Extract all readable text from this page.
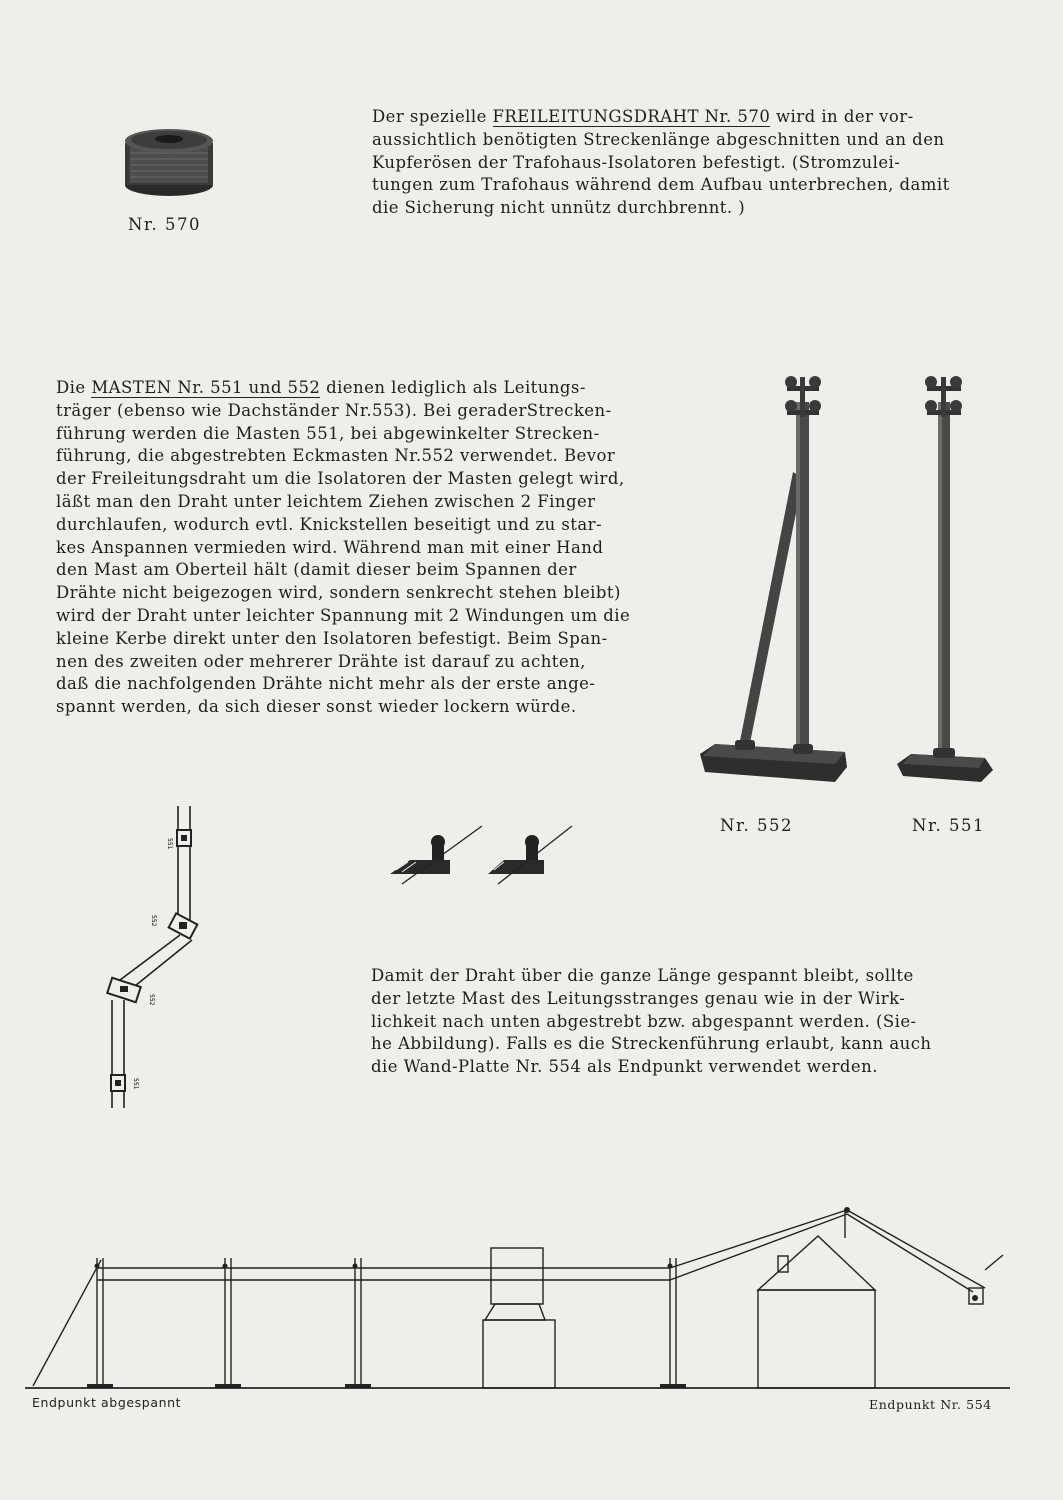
Nr. 570
Der spezielle FREILEITUNGSDRAHT Nr. 570 wird in der vor-
aussichtlich benötigten Streckenlänge abgeschnitten und an den
Kupferösen der Trafohaus-Isolatoren befestigt. (Stromzulei-
tungen zum Trafohaus während dem Aufbau unterbrechen, damit
die Sicherung nicht unnütz durchbrennt. )
Die MASTEN Nr. 551 und 552 dienen lediglich als Leitungs-
träger (ebenso wie Dachständer Nr.553). Bei geraderStrecken-
führung werden die Masten 551, bei abgewinkelter Strecken-
führung, die abgestrebten Eckmasten Nr.552 verwendet. Bevor
der Freileitungsdraht um die Isolatoren der Masten gelegt wird,
läßt man den Draht unter leichtem Ziehen zwischen 2 Finger
durchlaufen, wodurch evtl. Knickstellen beseitigt und zu star-
kes Anspannen vermieden wird. Während man mit einer Hand
den Mast am Oberteil hält (damit dieser beim Spannen der
Drähte nicht beigezogen wird, sondern senkrecht stehen bleibt)
wird der Draht unter leichter Spannung mit 2 Windungen um die
kleine Kerbe direkt unter den Isolatoren befestigt. Beim Span-
nen des zweiten oder mehrerer Drähte ist darauf zu achten,
daß die nachfolgenden Drähte nicht mehr als der erste ange-
spannt werden, da sich dieser sonst wieder lockern würde.
Nr. 552	Nr. 551
551
552
552
551
Damit der Draht über die ganze Länge gespannt bleibt, sollte
der letzte Mast des Leitungsstranges genau wie in der Wirk-
lichkeit nach unten abgestrebt bzw. abgespannt werden. (Sie-
he Abbildung). Falls es die Streckenführung erlaubt, kann auch
die Wand-Platte Nr. 554 als Endpunkt verwendet werden.
Endpunkt abgespannt	Endpunkt Nr. 554
